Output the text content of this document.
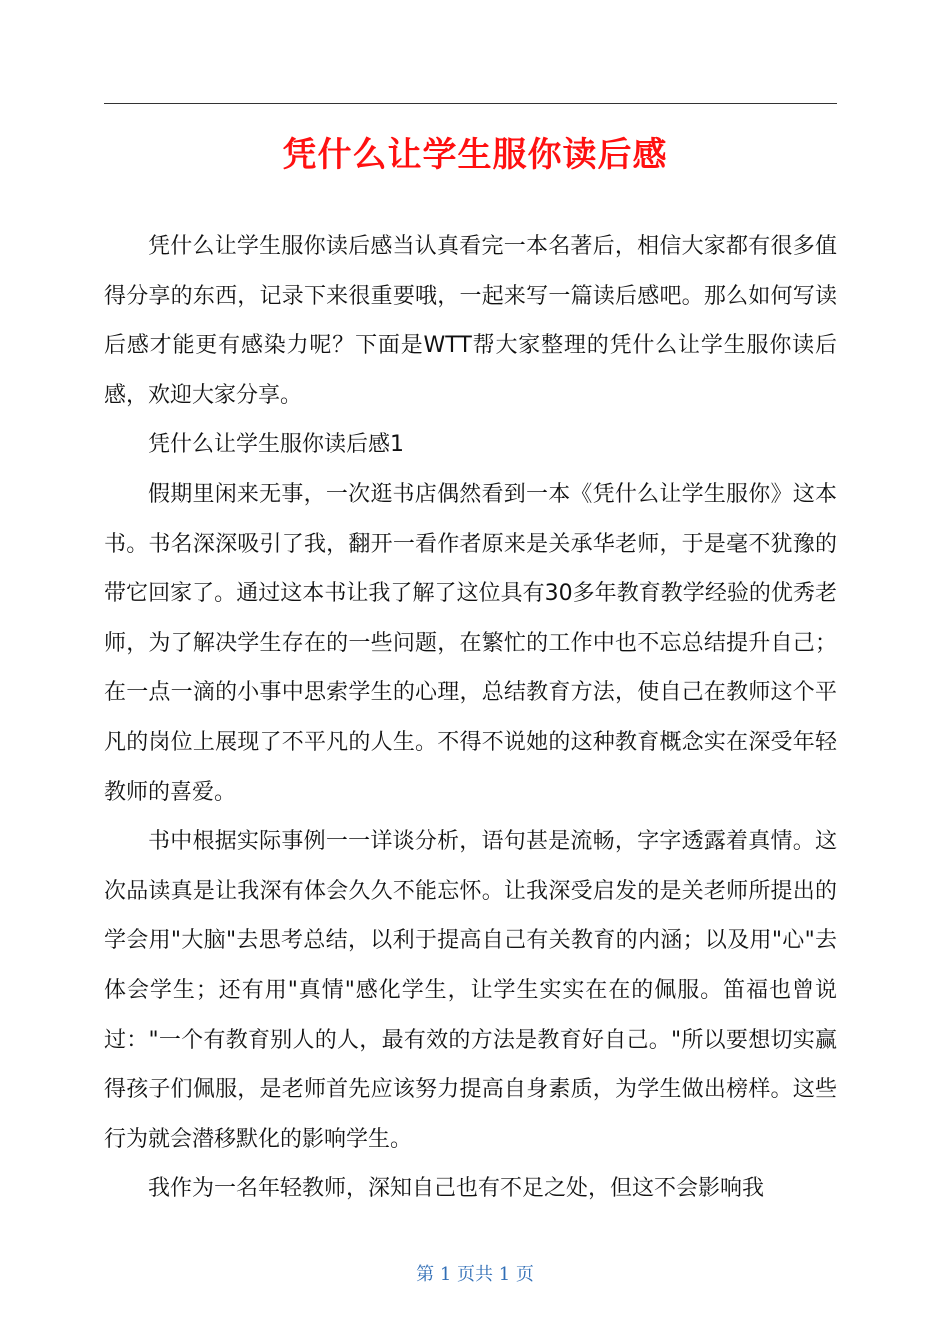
凭什么让学生服你读后感

凭什么让学生服你读后感当认真看完一本名著后，相信大家都有很多值得分享的东西，记录下来很重要哦，一起来写一篇读后感吧。那么如何写读后感才能更有感染力呢？下面是WTT帮大家整理的凭什么让学生服你读后感，欢迎大家分享。

凭什么让学生服你读后感1

假期里闲来无事，一次逛书店偶然看到一本《凭什么让学生服你》这本书。书名深深吸引了我，翻开一看作者原来是关承华老师，于是毫不犹豫的带它回家了。通过这本书让我了解了这位具有30多年教育教学经验的优秀老师，为了解决学生存在的一些问题，在繁忙的工作中也不忘总结提升自己；在一点一滴的小事中思索学生的心理，总结教育方法，使自己在教师这个平凡的岗位上展现了不平凡的人生。不得不说她的这种教育概念实在深受年轻教师的喜爱。

书中根据实际事例一一详谈分析，语句甚是流畅，字字透露着真情。这次品读真是让我深有体会久久不能忘怀。让我深受启发的是关老师所提出的学会用"大脑"去思考总结，以利于提高自己有关教育的内涵；以及用"心"去体会学生；还有用"真情"感化学生，让学生实实在在的佩服。笛福也曾说过："一个有教育别人的人，最有效的方法是教育好自己。"所以要想切实赢得孩子们佩服，是老师首先应该努力提高自身素质，为学生做出榜样。这些行为就会潜移默化的影响学生。

我作为一名年轻教师，深知自己也有不足之处，但这不会影响我

第 1 页共 1 页
